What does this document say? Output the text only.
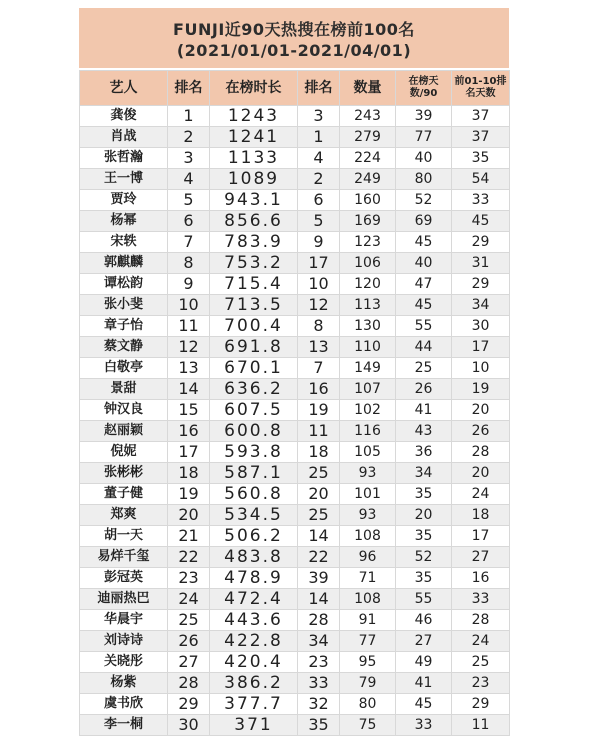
FUNJI近90天热搜在榜前100名
(2021/01/01-2021/04/01)
艺人	排名	在榜时长	排名	数量	在榜天数/90	前01-10排名天数
龚俊	1	1243	3	243	39	37
肖战	2	1241	1	279	77	37
张哲瀚	3	1133	4	224	40	35
王一博	4	1089	2	249	80	54
贾玲	5	943.1	6	160	52	33
杨幂	6	856.6	5	169	69	45
宋轶	7	783.9	9	123	45	29
郭麒麟	8	753.2	17	106	40	31
谭松韵	9	715.4	10	120	47	29
张小斐	10	713.5	12	113	45	34
章子怡	11	700.4	8	130	55	30
蔡文静	12	691.8	13	110	44	17
白敬亭	13	670.1	7	149	25	10
景甜	14	636.2	16	107	26	19
钟汉良	15	607.5	19	102	41	20
赵丽颖	16	600.8	11	116	43	26
倪妮	17	593.8	18	105	36	28
张彬彬	18	587.1	25	93	34	20
董子健	19	560.8	20	101	35	24
郑爽	20	534.5	25	93	20	18
胡一天	21	506.2	14	108	35	17
易烊千玺	22	483.8	22	96	52	27
彭冠英	23	478.9	39	71	35	16
迪丽热巴	24	472.4	14	108	55	33
华晨宇	25	443.6	28	91	46	28
刘诗诗	26	422.8	34	77	27	24
关晓彤	27	420.4	23	95	49	25
杨紫	28	386.2	33	79	41	23
虞书欣	29	377.7	32	80	45	29
李一桐	30	371	35	75	33	11
